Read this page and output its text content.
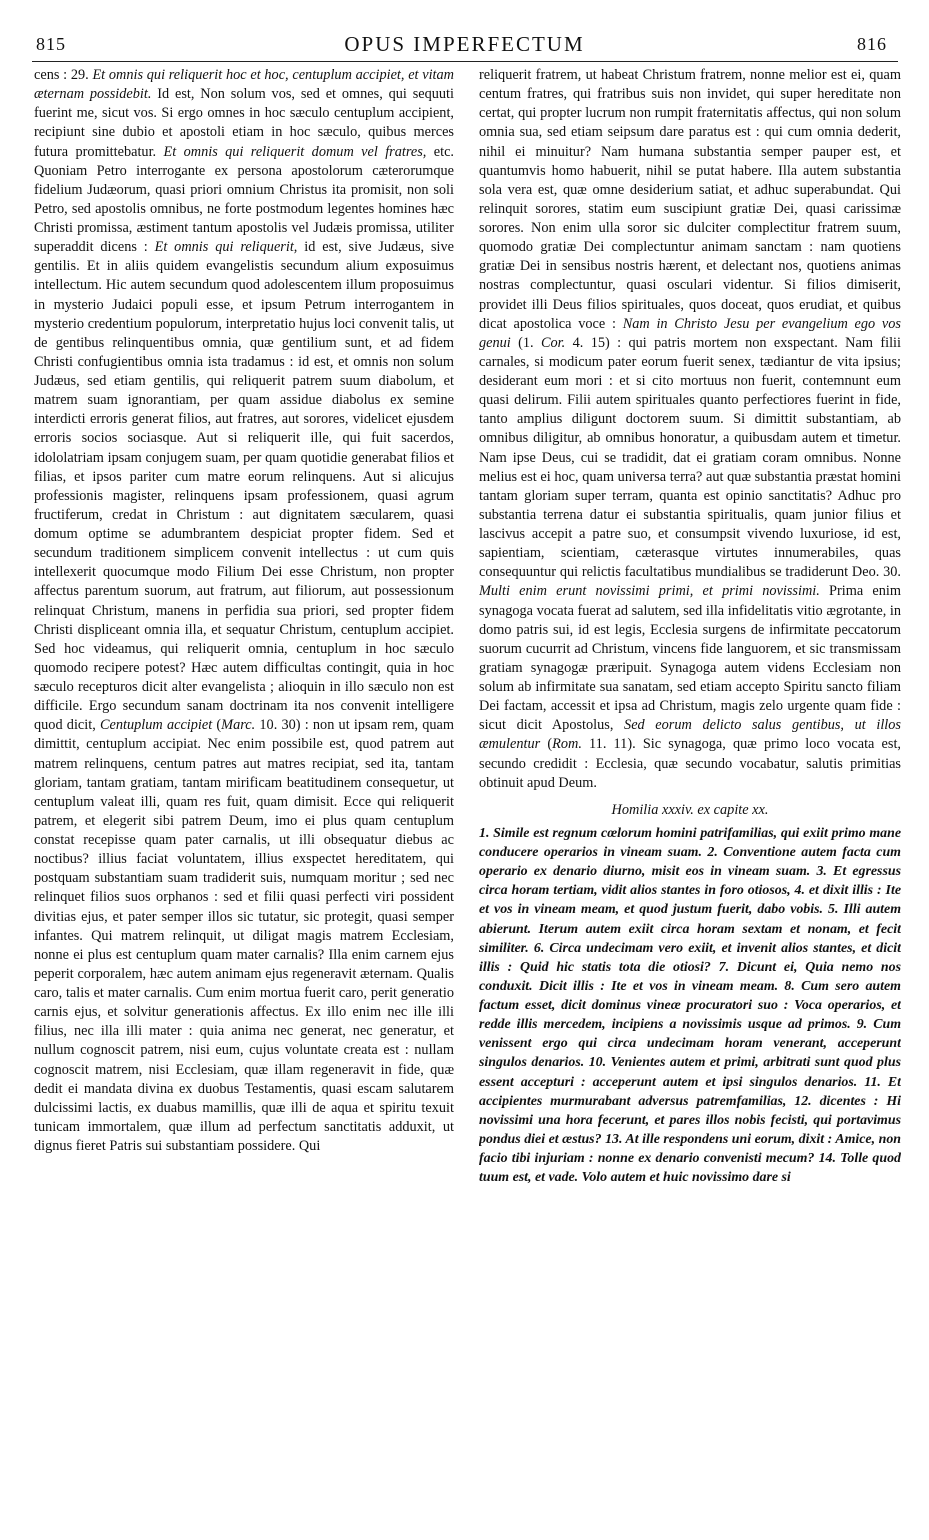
815	OPUS IMPERFECTUM	816

cens : 29. Et omnis qui reliquerit hoc et hoc, centuplum accipiet, et vitam æternam possidebit. Id est, Non solum vos, sed et omnes, qui sequuti fuerint me, sicut vos. Si ergo omnes in hoc sæculo centuplum accipient, recipiunt sine dubio et apostoli etiam in hoc sæculo, quibus merces futura promittebatur. Et omnis qui reliquerit domum vel fratres, etc. Quoniam Petro interrogante ex persona apostolorum cæterorumque fidelium Judæorum, quasi priori omnium Christus ita promisit, non soli Petro, sed apostolis omnibus, ne forte postmodum legentes homines hæc Christi promissa, æstiment tantum apostolis vel Judæis promissa, utiliter superaddit dicens : Et omnis qui reliquerit, id est, sive Judæus, sive gentilis. Et in aliis quidem evangelistis secundum alium exposuimus intellectum. Hic autem secundum quod adolescentem illum proposuimus in mysterio Judaici populi esse, et ipsum Petrum interrogantem in mysterio credentium populorum, interpretatio hujus loci convenit talis, ut de gentibus relinquentibus omnia, quæ gentilium sunt, et ad fidem Christi confugientibus omnia ista tradamus : id est, et omnis non solum Judæus, sed etiam gentilis, qui reliquerit patrem suum diabolum, et matrem suam ignorantiam, per quam assidue diabolus ex semine interdicti erroris generat filios, aut fratres, aut sorores, videlicet ejusdem erroris socios sociasque. Aut si reliquerit ille, qui fuit sacerdos, idololatriam ipsam conjugem suam, per quam quotidie generabat filios et filias, et ipsos pariter cum matre eorum relinquens. Aut si alicujus professionis magister, relinquens ipsam professionem, quasi agrum fructiferum, credat in Christum : aut dignitatem sæcularem, quasi domum optime se adumbrantem despiciat propter fidem. Sed et secundum traditionem simplicem convenit intellectus : ut cum quis intellexerit quocumque modo Filium Dei esse Christum, non propter affectus parentum suorum, aut fratrum, aut filiorum, aut possessionum relinquat Christum, manens in perfidia sua priori, sed propter fidem Christi displiceant omnia illa, et sequatur Christum, centuplum accipiet. Sed hoc videamus, qui reliquerit omnia, centuplum in hoc sæculo quomodo recipere potest? Hæc autem difficultas contingit, quia in hoc sæculo recepturos dicit alter evangelista ; alioquin in illo sæculo non est difficile. Ergo secundum sanam doctrinam ita nos convenit intelligere quod dicit, Centuplum accipiet (Marc. 10. 30) : non ut ipsam rem, quam dimittit, centuplum accipiat. Nec enim possibile est, quod patrem aut matrem relinquens, centum patres aut matres recipiat, sed ita, tantam gloriam, tantam gratiam, tantam mirificam beatitudinem consequetur, ut centuplum valeat illi, quam res fuit, quam dimisit. Ecce qui reliquerit patrem, et elegerit sibi patrem Deum, imo ei plus quam centuplum constat recepisse quam pater carnalis, ut illi obsequatur diebus ac noctibus? illius faciat voluntatem, illius exspectet hereditatem, qui postquam substantiam suam tradiderit suis, numquam moritur ; sed nec relinquet filios suos orphanos : sed et filii quasi perfecti viri possident divitias ejus, et pater semper illos sic tutatur, sic protegit, quasi semper infantes. Qui matrem relinquit, ut diligat magis matrem Ecclesiam, nonne ei plus est centuplum quam mater carnalis? Illa enim carnem ejus peperit corporalem, hæc autem animam ejus regeneravit æternam. Qualis caro, talis et mater carnalis. Cum enim mortua fuerit caro, perit generatio carnis ejus, et solvitur generationis affectus. Ex illo enim nec ille illi filius, nec illa illi mater : quia anima nec generat, nec generatur, et nullum cognoscit patrem, nisi eum, cujus voluntate creata est : nullam cognoscit matrem, nisi Ecclesiam, quæ illam regeneravit in fide, quæ dedit ei mandata divina ex duobus Testamentis, quasi escam salutarem dulcissimi lactis, ex duabus mamillis, quæ illi de aqua et spiritu texuit tunicam immortalem, quæ illum ad perfectum sanctitatis adduxit, ut dignus fieret Patris sui substantiam possidere. Qui

reliquerit fratrem, ut habeat Christum fratrem, nonne melior est ei, quam centum fratres, qui fratribus suis non invidet, qui super hereditate non certat, qui propter lucrum non rumpit fraternitatis affectus, qui non solum omnia sua, sed etiam seipsum dare paratus est : qui cum omnia dederit, nihil ei minuitur? Nam humana substantia semper pauper est, et quantumvis homo habuerit, nihil se putat habere. Illa autem substantia sola vera est, quæ omne desiderium satiat, et adhuc superabundat. Qui relinquit sorores, statim eum suscipiunt gratiæ Dei, quasi carissimæ sorores. Non enim ulla soror sic dulciter complectitur fratrem suum, quomodo gratiæ Dei complectuntur animam sanctam : nam quotiens gratiæ Dei in sensibus nostris hærent, et delectant nos, quotiens animas nostras complectuntur, quasi osculari videntur. Si filios dimiserit, providet illi Deus filios spirituales, quos doceat, quos erudiat, et quibus dicat apostolica voce : Nam in Christo Jesu per evangelium ego vos genui (1. Cor. 4. 15) : qui patris mortem non exspectant. Nam filii carnales, si modicum pater eorum fuerit senex, tædiantur de vita ipsius; desiderant eum mori : et si cito mortuus non fuerit, contemnunt eum quasi delirum. Filii autem spirituales quanto perfectiores fuerint in fide, tanto amplius diligunt doctorem suum. Si dimittit substantiam, ab omnibus diligitur, ab omnibus honoratur, a quibusdam autem et timetur. Nam ipse Deus, cui se tradidit, dat ei gratiam coram omnibus. Nonne melius est ei hoc, quam universa terra? aut quæ substantia præstat homini tantam gloriam super terram, quanta est opinio sanctitatis? Adhuc pro substantia terrena datur ei substantia spiritualis, quam junior filius et lascivus accepit a patre suo, et consumpsit vivendo luxuriose, id est, sapientiam, scientiam, cæterasque virtutes innumerabiles, quas consequuntur qui relictis facultatibus mundialibus se tradiderunt Deo. 30. Multi enim erunt novissimi primi, et primi novissimi. Prima enim synagoga vocata fuerat ad salutem, sed illa infidelitatis vitio ægrotante, in domo patris sui, id est legis, Ecclesia surgens de infirmitate peccatorum suorum cucurrit ad Christum, vincens fide languorem, et sic transmissam gratiam synagogæ præripuit. Synagoga autem videns Ecclesiam non solum ab infirmitate sua sanatam, sed etiam accepto Spiritu sancto filiam Dei factam, accessit et ipsa ad Christum, magis zelo urgente quam fide : sicut dicit Apostolus, Sed eorum delicto salus gentibus, ut illos æmulentur (Rom. 11. 11). Sic synagoga, quæ primo loco vocata est, secundo credidit : Ecclesia, quæ secundo vocabatur, salutis primitias obtinuit apud Deum.

Homilia xxxiv. ex capite xx.

1. Simile est regnum cœlorum homini patrifamilias, qui exiit primo mane conducere operarios in vineam suam. 2. Conventione autem facta cum operario ex denario diurno, misit eos in vineam suam. 3. Et egressus circa horam tertiam, vidit alios stantes in foro otiosos, 4. et dixit illis : Ite et vos in vineam meam, et quod justum fuerit, dabo vobis. 5. Illi autem abierunt. Iterum autem exiit circa horam sextam et nonam, et fecit similiter. 6. Circa undecimam vero exiit, et invenit alios stantes, et dicit illis : Quid hic statis tota die otiosi? 7. Dicunt ei, Quia nemo nos conduxit. Dicit illis : Ite et vos in vineam meam. 8. Cum sero autem factum esset, dicit dominus vineæ procuratori suo : Voca operarios, et redde illis mercedem, incipiens a novissimis usque ad primos. 9. Cum venissent ergo qui circa undecimam horam venerant, acceperunt singulos denarios. 10. Venientes autem et primi, arbitrati sunt quod plus essent accepturi : acceperunt autem et ipsi singulos denarios. 11. Et accipientes murmurabant adversus patremfamilias, 12. dicentes : Hi novissimi una hora fecerunt, et pares illos nobis fecisti, qui portavimus pondus diei et æstus? 13. At ille respondens uni eorum, dixit : Amice, non facio tibi injuriam : nonne ex denario convenisti mecum? 14. Tolle quod tuum est, et vade. Volo autem et huic novissimo dare si
